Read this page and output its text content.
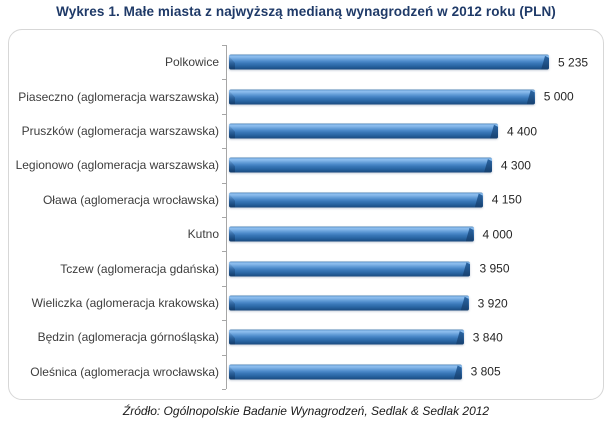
Wykres 1. Małe miasta z najwyższą medianą wynagrodzeń w 2012 roku (PLN)
Polkowice	5 235
Piaseczno (aglomeracja warszawska)	5 000
Pruszków (aglomeracja warszawska)	4 400
Legionowo (aglomeracja warszawska)	4 300
Oława (aglomeracja wrocławska)	4 150
Kutno	4 000
Tczew (aglomeracja gdańska)	3 950
Wieliczka (aglomeracja krakowska)	3 920
Będzin (aglomeracja górnośląska)	3 840
Oleśnica (aglomeracja wrocławska)	3 805
Źródło: Ogólnopolskie Badanie Wynagrodzeń, Sedlak & Sedlak 2012
